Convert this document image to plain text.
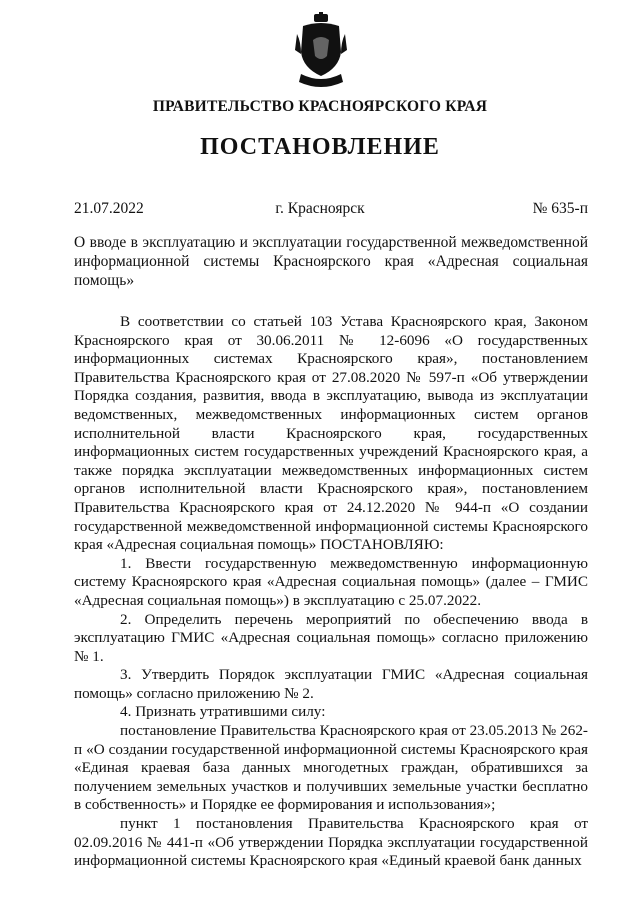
ПРАВИТЕЛЬСТВО КРАСНОЯРСКОГО КРАЯ
ПОСТАНОВЛЕНИЕ
21.07.2022	г. Красноярск	№ 635-п
О вводе в эксплуатацию и эксплуатации государственной межведомственной информационной системы Красноярского края «Адресная социальная помощь»

В соответствии со статьей 103 Устава Красноярского края, Законом Красноярского края от 30.06.2011 № 12-6096 «О государственных информационных системах Красноярского края», постановлением Правительства Красноярского края от 27.08.2020 № 597-п «Об утверждении Порядка создания, развития, ввода в эксплуатацию, вывода из эксплуатации ведомственных, межведомственных информационных систем органов исполнительной власти Красноярского края, государственных информационных систем государственных учреждений Красноярского края, а также порядка эксплуатации межведомственных информационных систем органов исполнительной власти Красноярского края», постановлением Правительства Красноярского края от 24.12.2020 № 944-п «О создании государственной межведомственной информационной системы Красноярского края «Адресная социальная помощь» ПОСТАНОВЛЯЮ:

1. Ввести государственную межведомственную информационную систему Красноярского края «Адресная социальная помощь» (далее – ГМИС «Адресная социальная помощь») в эксплуатацию с 25.07.2022.

2. Определить перечень мероприятий по обеспечению ввода в эксплуатацию ГМИС «Адресная социальная помощь» согласно приложению № 1.

3. Утвердить Порядок эксплуатации ГМИС «Адресная социальная помощь» согласно приложению № 2.

4. Признать утратившими силу:

постановление Правительства Красноярского края от 23.05.2013 № 262-п «О создании государственной информационной системы Красноярского края «Единая краевая база данных многодетных граждан, обратившихся за получением земельных участков и получивших земельные участки бесплатно в собственность» и Порядке ее формирования и использования»;

пункт 1 постановления Правительства Красноярского края от 02.09.2016 № 441-п «Об утверждении Порядка эксплуатации государственной информационной системы Красноярского края «Единый краевой банк данных
